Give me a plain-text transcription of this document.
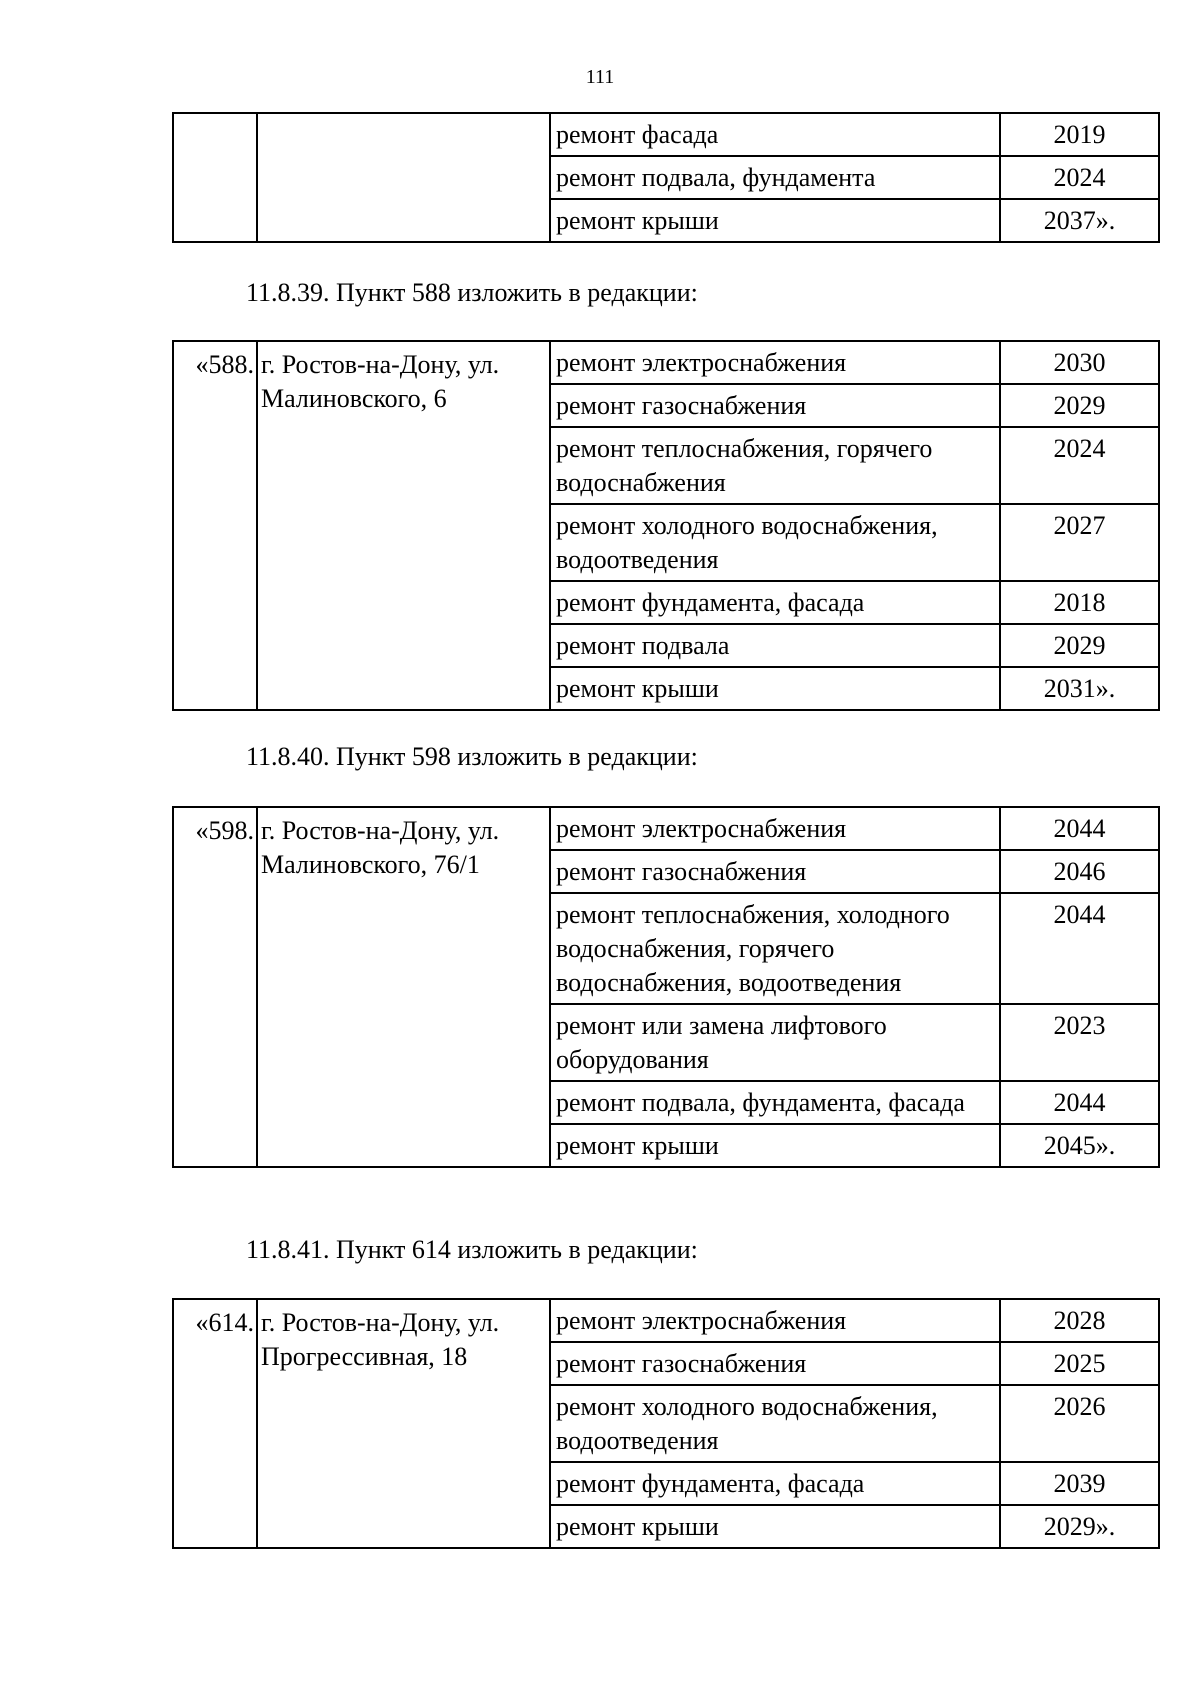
111
		ремонт фасада	2019
		ремонт подвала, фундамента	2024
		ремонт крыши	2037».
11.8.39. Пункт 588 изложить в редакции:
«588.	г. Ростов-на-Дону, ул. Малиновского, 6	ремонт электроснабжения	2030
		ремонт газоснабжения	2029
		ремонт теплоснабжения, горячего водоснабжения	2024
		ремонт холодного водоснабжения, водоотведения	2027
		ремонт фундамента, фасада	2018
		ремонт подвала	2029
		ремонт крыши	2031».
11.8.40. Пункт 598 изложить в редакции:
«598.	г. Ростов-на-Дону, ул. Малиновского, 76/1	ремонт электроснабжения	2044
		ремонт газоснабжения	2046
		ремонт теплоснабжения, холодного водоснабжения, горячего водоснабжения, водоотведения	2044
		ремонт или замена лифтового оборудования	2023
		ремонт подвала, фундамента, фасада	2044
		ремонт крыши	2045».
11.8.41. Пункт 614 изложить в редакции:
«614.	г. Ростов-на-Дону, ул. Прогрессивная, 18	ремонт электроснабжения	2028
		ремонт газоснабжения	2025
		ремонт холодного водоснабжения, водоотведения	2026
		ремонт фундамента, фасада	2039
		ремонт крыши	2029».
